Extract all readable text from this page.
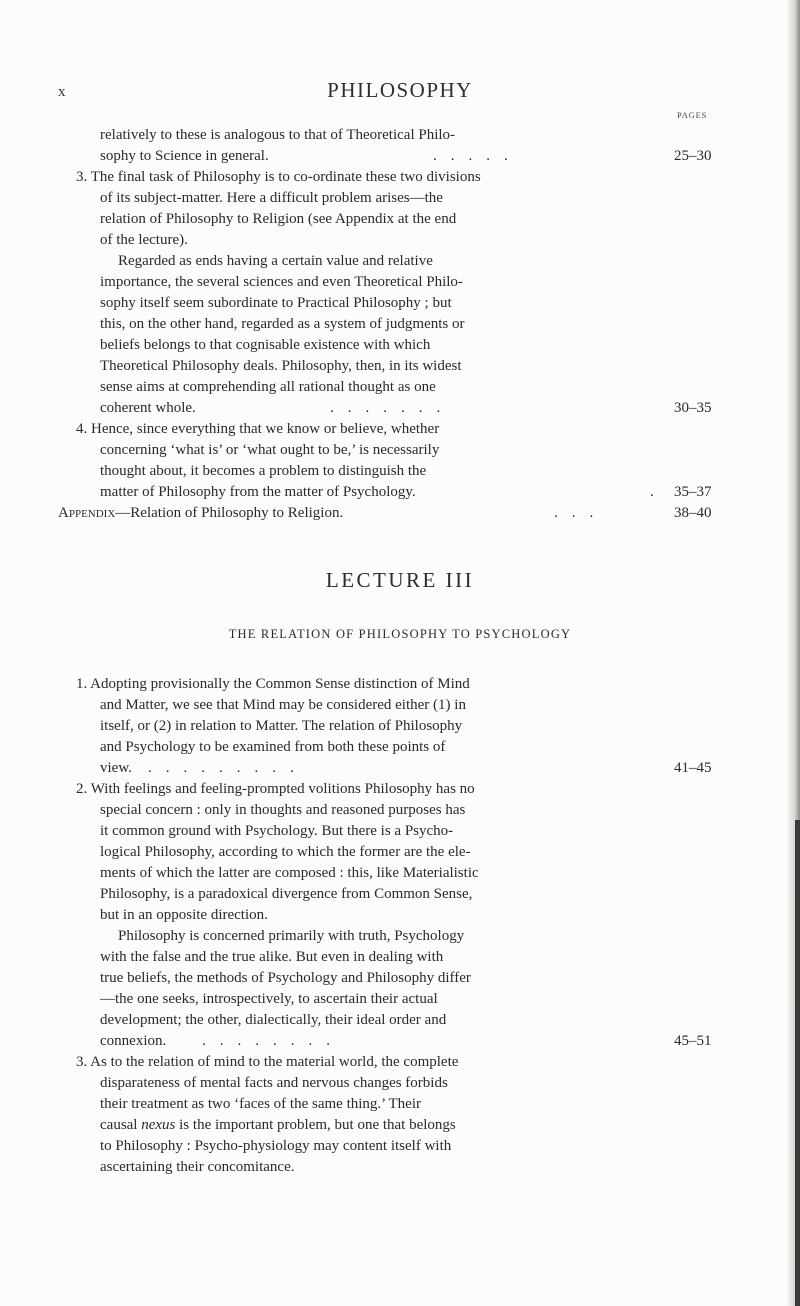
x	PHILOSOPHY
PAGES
relatively to these is analogous to that of Theoretical Philo-
sophy to Science in general.	.....	25–30
3. The final task of Philosophy is to co-ordinate these two divisions
of its subject-matter. Here a difficult problem arises—the
relation of Philosophy to Religion (see Appendix at the end
of the lecture).
Regarded as ends having a certain value and relative
importance, the several sciences and even Theoretical Philo-
sophy itself seem subordinate to Practical Philosophy ; but
this, on the other hand, regarded as a system of judgments or
beliefs belongs to that cognisable existence with which
Theoretical Philosophy deals. Philosophy, then, in its widest
sense aims at comprehending all rational thought as one
coherent whole.	.......	30–35
4. Hence, since everything that we know or believe, whether
concerning ‘what is’ or ‘what ought to be,’ is necessarily
thought about, it becomes a problem to distinguish the
matter of Philosophy from the matter of Psychology.	. 35–37
Appendix—Relation of Philosophy to Religion.	...	38–40
LECTURE III
THE RELATION OF PHILOSOPHY TO PSYCHOLOGY
1. Adopting provisionally the Common Sense distinction of Mind
and Matter, we see that Mind may be considered either (1) in
itself, or (2) in relation to Matter. The relation of Philosophy
and Psychology to be examined from both these points of
view. .........	41–45
2. With feelings and feeling-prompted volitions Philosophy has no
special concern : only in thoughts and reasoned purposes has
it common ground with Psychology. But there is a Psycho-
logical Philosophy, according to which the former are the ele-
ments of which the latter are composed : this, like Materialistic
Philosophy, is a paradoxical divergence from Common Sense,
but in an opposite direction.
Philosophy is concerned primarily with truth, Psychology
with the false and the true alike. But even in dealing with
true beliefs, the methods of Psychology and Philosophy differ
—the one seeks, introspectively, to ascertain their actual
development; the other, dialectically, their ideal order and
connexion. ........	45–51
3. As to the relation of mind to the material world, the complete
disparateness of mental facts and nervous changes forbids
their treatment as two ‘faces of the same thing.’ Their
causal nexus is the important problem, but one that belongs
to Philosophy : Psycho-physiology may content itself with
ascertaining their concomitance.
